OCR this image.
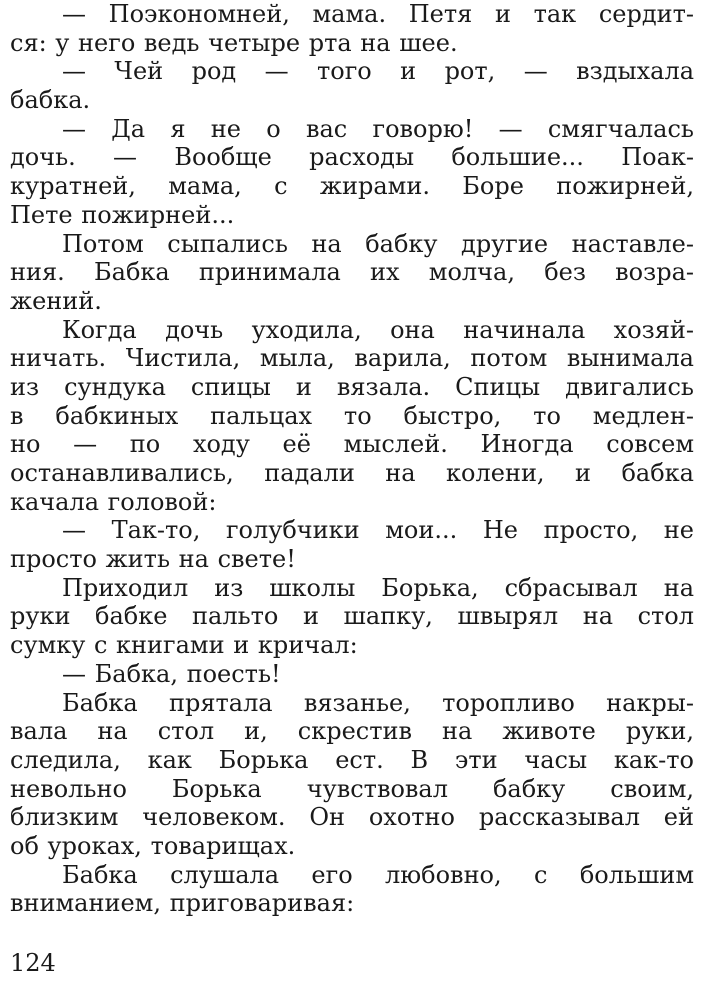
— Поэкономней, мама. Петя и так сердит-
ся: у него ведь четыре рта на шее.
— Чей род — того и рот, — вздыхала
бабка.
— Да я не о вас говорю! — смягчалась
дочь. — Вообще расходы большие... Поак-
куратней, мама, с жирами. Боре пожирней,
Пете пожирней...
Потом сыпались на бабку другие наставле-
ния. Бабка принимала их молча, без возра-
жений.
Когда дочь уходила, она начинала хозяй-
ничать. Чистила, мыла, варила, потом вынимала
из сундука спицы и вязала. Спицы двигались
в бабкиных пальцах то быстро, то медлен-
но — по ходу её мыслей. Иногда совсем
останавливались, падали на колени, и бабка
качала головой:
— Так-то, голубчики мои... Не просто, не
просто жить на свете!
Приходил из школы Борька, сбрасывал на
руки бабке пальто и шапку, швырял на стол
сумку с книгами и кричал:
— Бабка, поесть!
Бабка прятала вязанье, торопливо накры-
вала на стол и, скрестив на животе руки,
следила, как Борька ест. В эти часы как-то
невольно Борька чувствовал бабку своим,
близким человеком. Он охотно рассказывал ей
об уроках, товарищах.
Бабка слушала его любовно, с большим
вниманием, приговаривая:
124
